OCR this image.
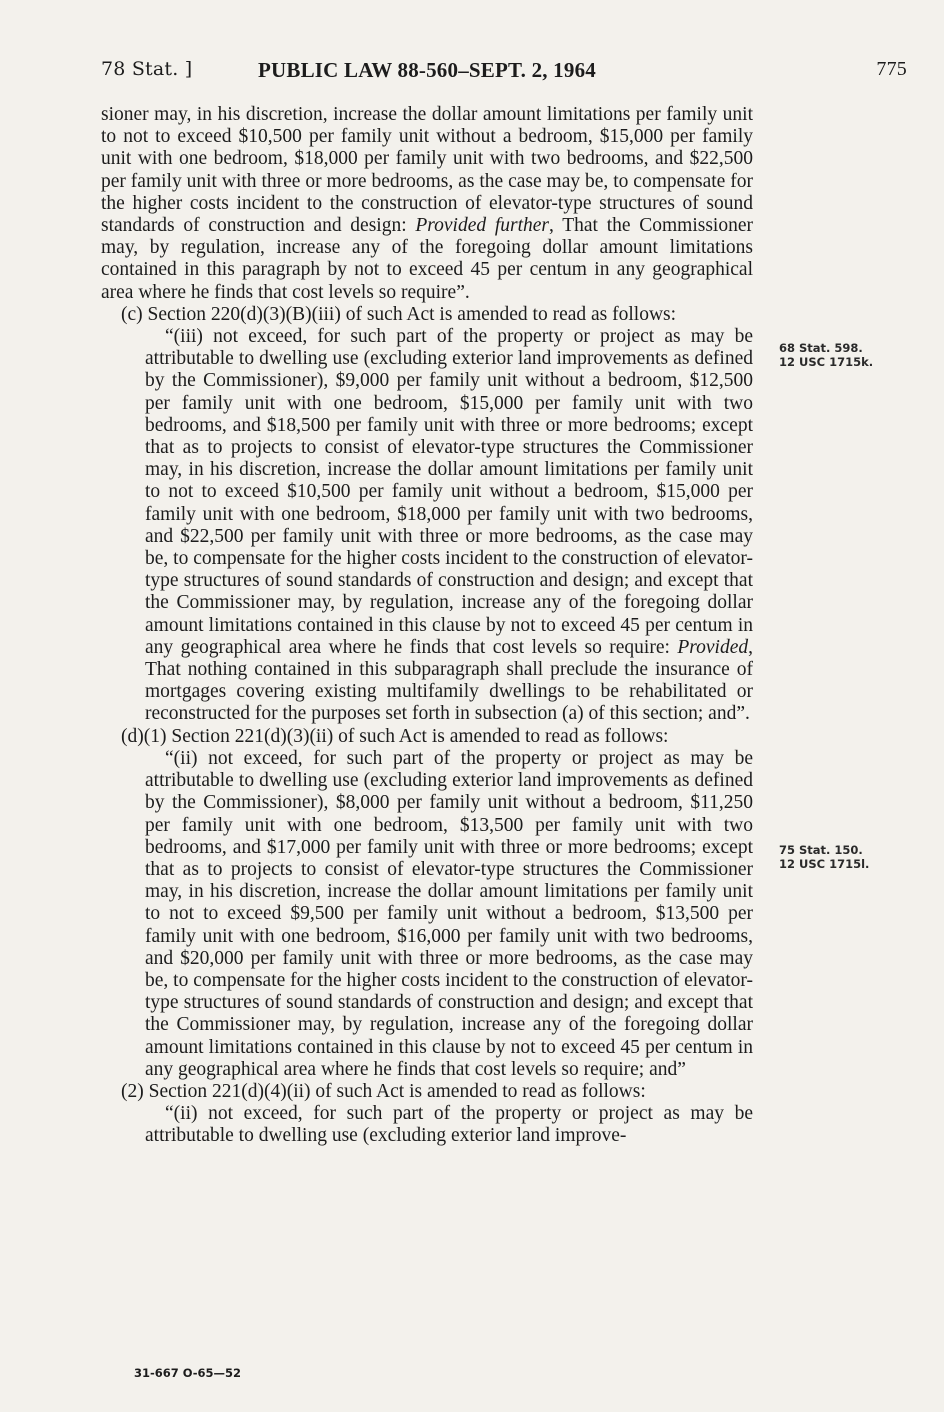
78 Stat. ]	PUBLIC LAW 88-560–SEPT. 2, 1964	775

sioner may, in his discretion, increase the dollar amount limitations per family unit to not to exceed $10,500 per family unit without a bedroom, $15,000 per family unit with one bedroom, $18,000 per family unit with two bedrooms, and $22,500 per family unit with three or more bedrooms, as the case may be, to compensate for the higher costs incident to the construction of elevator-type structures of sound standards of construction and design: Provided further, That the Commissioner may, by regulation, increase any of the foregoing dollar amount limitations contained in this paragraph by not to exceed 45 per centum in any geographical area where he finds that cost levels so require”.

(c) Section 220(d)(3)(B)(iii) of such Act is amended to read as follows:

“(iii) not exceed, for such part of the property or project as may be attributable to dwelling use (excluding exterior land improvements as defined by the Commissioner), $9,000 per family unit without a bedroom, $12,500 per family unit with one bedroom, $15,000 per family unit with two bedrooms, and $18,500 per family unit with three or more bedrooms; except that as to projects to consist of elevator-type structures the Commissioner may, in his discretion, increase the dollar amount limitations per family unit to not to exceed $10,500 per family unit without a bedroom, $15,000 per family unit with one bedroom, $18,000 per family unit with two bedrooms, and $22,500 per family unit with three or more bedrooms, as the case may be, to compensate for the higher costs incident to the construction of elevator-type structures of sound standards of construction and design; and except that the Commissioner may, by regulation, increase any of the foregoing dollar amount limitations contained in this clause by not to exceed 45 per centum in any geographical area where he finds that cost levels so require: Provided, That nothing contained in this subparagraph shall preclude the insurance of mortgages covering existing multifamily dwellings to be rehabilitated or reconstructed for the purposes set forth in subsection (a) of this section; and”.

(d)(1) Section 221(d)(3)(ii) of such Act is amended to read as follows:

“(ii) not exceed, for such part of the property or project as may be attributable to dwelling use (excluding exterior land improvements as defined by the Commissioner), $8,000 per family unit without a bedroom, $11,250 per family unit with one bedroom, $13,500 per family unit with two bedrooms, and $17,000 per family unit with three or more bedrooms; except that as to projects to consist of elevator-type structures the Commissioner may, in his discretion, increase the dollar amount limitations per family unit to not to exceed $9,500 per family unit without a bedroom, $13,500 per family unit with one bedroom, $16,000 per family unit with two bedrooms, and $20,000 per family unit with three or more bedrooms, as the case may be, to compensate for the higher costs incident to the construction of elevator-type structures of sound standards of construction and design; and except that the Commissioner may, by regulation, increase any of the foregoing dollar amount limitations contained in this clause by not to exceed 45 per centum in any geographical area where he finds that cost levels so require; and”

(2) Section 221(d)(4)(ii) of such Act is amended to read as follows:

“(ii) not exceed, for such part of the property or project as may be attributable to dwelling use (excluding exterior land improve-

68 Stat. 598.
12 USC 1715k.
75 Stat. 150.
12 USC 1715l.
31-667 O-65—52
